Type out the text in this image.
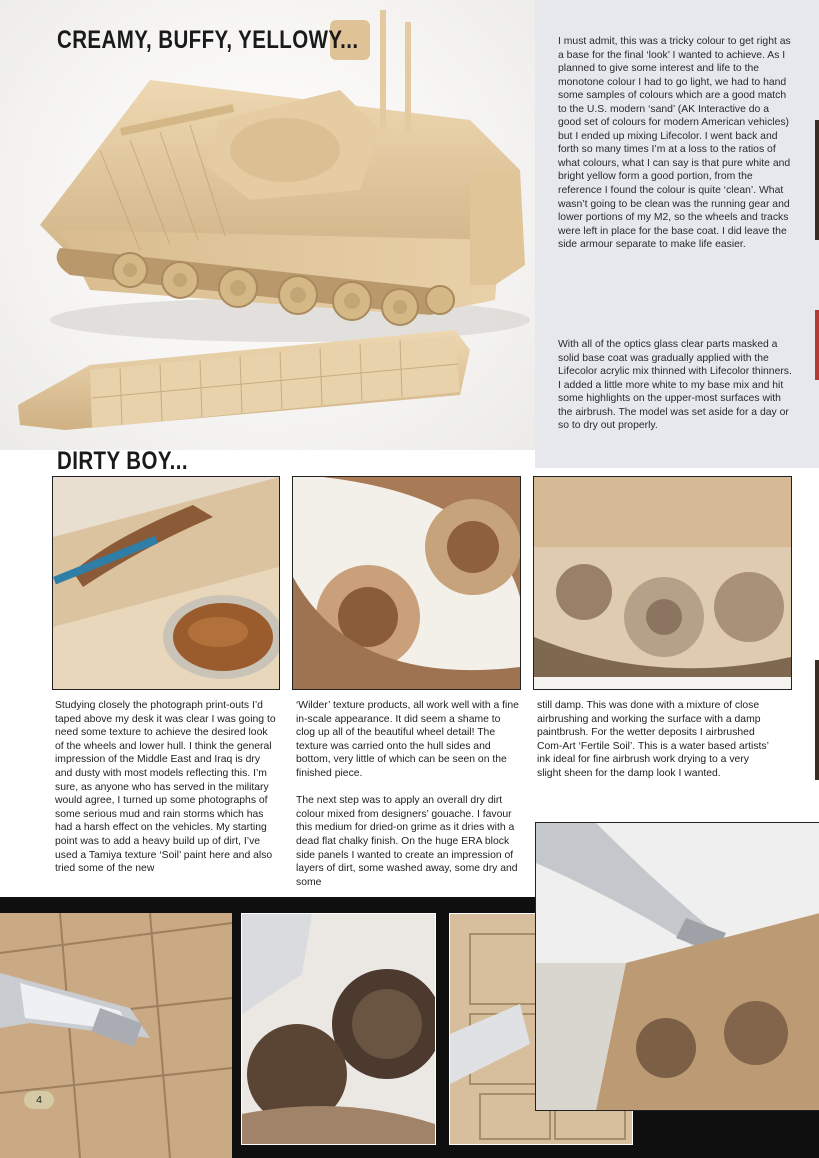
CREAMY, BUFFY, YELLOWY...	I must admit, this was a tricky colour to get right as a base for the final ‘look’ I wanted to achieve. As I planned to give some interest and life to the monotone colour I had to go light, we had to hand some samples of colours which are a good match to the U.S. modern ‘sand’ (AK Interactive do a good set of colours for modern American vehicles) but I ended up mixing Lifecolor. I went back and forth so many times I’m at a loss to the ratios of what colours, what I can say is that pure white and bright yellow form a good portion, from the reference I found the colour is quite ‘clean’. What wasn’t going to be clean was the running gear and lower portions of my M2, so the wheels and tracks were left in place for the base coat. I did leave the side armour separate to make life easier.

With all of the optics glass clear parts masked a solid base coat was gradually applied with the Lifecolor acrylic mix thinned with Lifecolor thinners. I added a little more white to my base mix and hit some highlights on the upper-most surfaces with the airbrush. The model was set aside for a day or so to dry out properly.

DIRTY BOY...

Studying closely the photograph print-outs I’d taped above my desk it was clear I was going to need some texture to achieve the desired look of the wheels and lower hull. I think the general impression of the Middle East and Iraq is dry and dusty with most models reflecting this. I’m sure, as anyone who has served in the military would agree, I turned up some photographs of some serious mud and rain storms which has had a harsh effect on the vehicles. My starting point was to add a heavy build up of dirt, I’ve used a Tamiya texture ‘Soil’ paint here and also tried some of the new

‘Wilder’ texture products, all work well with a fine in-scale appearance. It did seem a shame to clog up all of the beautiful wheel detail! The texture was carried onto the hull sides and bottom, very little of which can be seen on the finished piece.
The next step was to apply an overall dry dirt colour mixed from designers’ gouache. I favour this medium for dried-on grime as it dries with a dead flat chalky finish. On the huge ERA block side panels I wanted to create an impression of layers of dirt, some washed away, some dry and some

still damp. This was done with a mixture of close airbrushing and working the surface with a damp paintbrush. For the wetter deposits I airbrushed Com-Art ‘Fertile Soil’. This is a water based artists’ ink ideal for fine airbrush work drying to a very slight sheen for the damp look I wanted.

4
